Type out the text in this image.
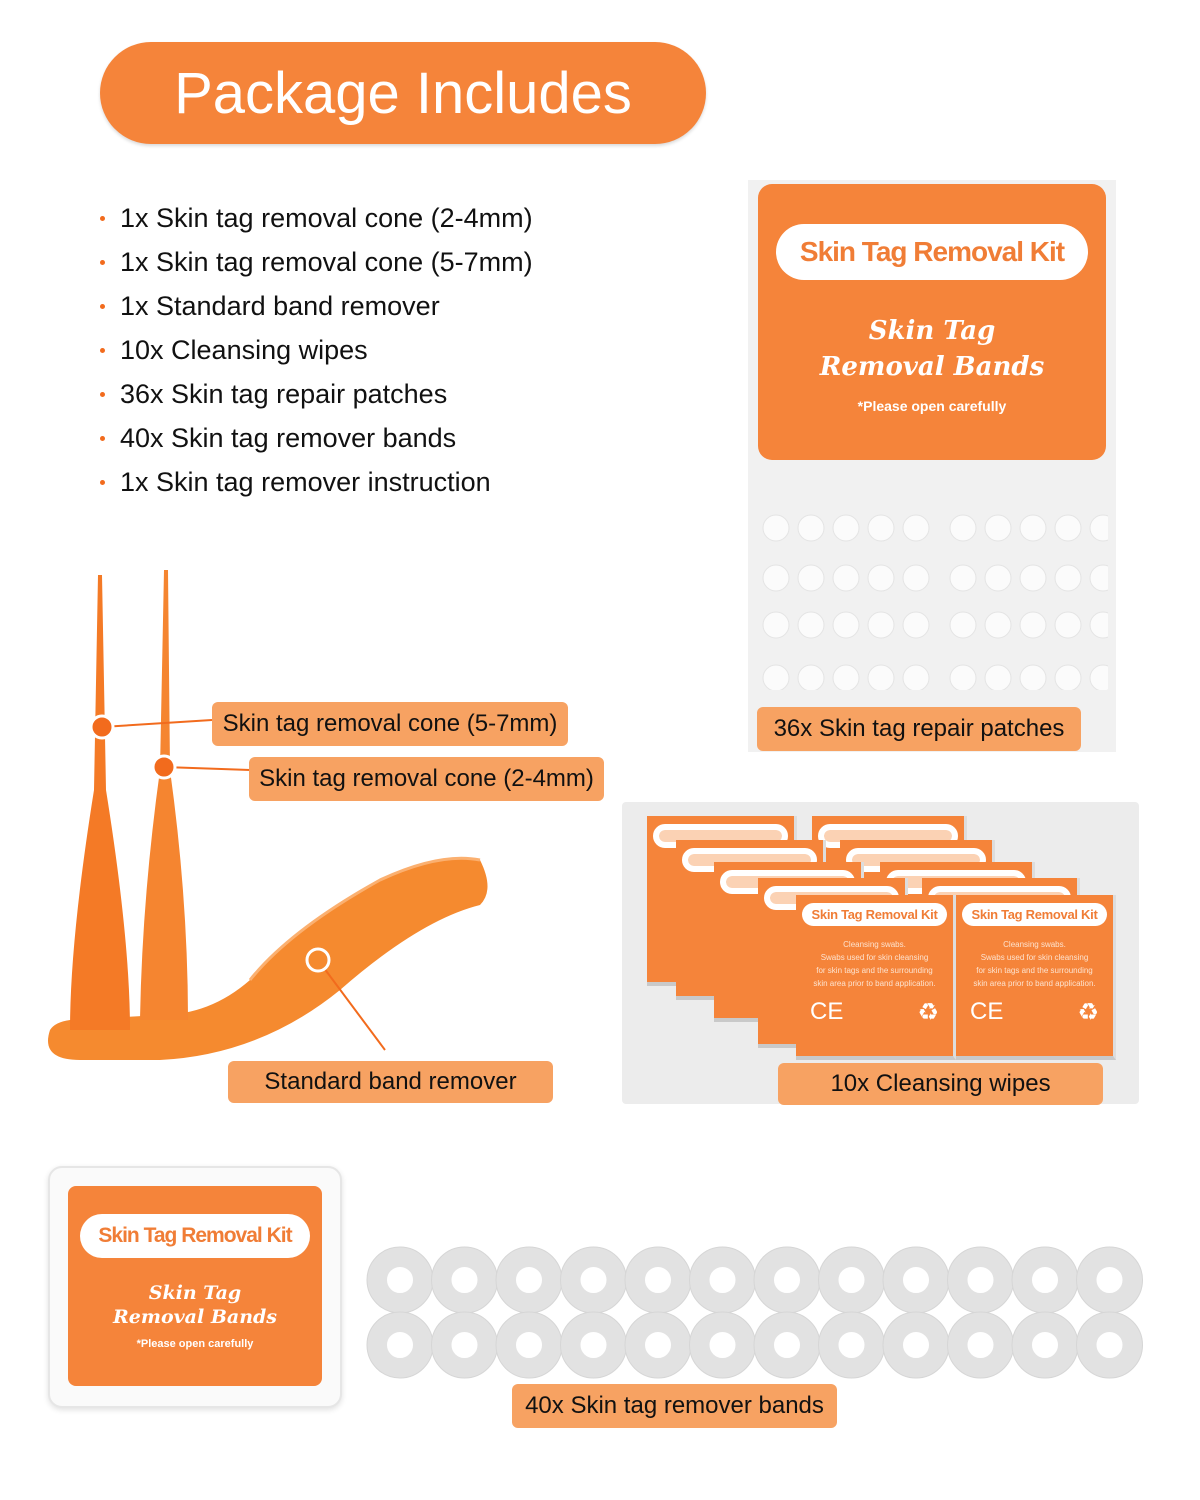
Package Includes
1x Skin tag removal cone (2-4mm)
1x Skin tag removal cone (5-7mm)
1x Standard band remover
10x Cleansing wipes
36x Skin tag repair patches
40x Skin tag remover bands
1x Skin tag remover instruction
Skin tag removal cone (5-7mm)
Skin tag removal cone (2-4mm)
Standard band remover
Skin Tag Removal Kit
Skin Tag
Removal Bands
*Please open carefully
36x Skin tag repair patches
Skin Tag Removal Kit
Cleansing swabs.
Swabs used for skin cleansing
for skin tags and the surrounding
skin area prior to band application.
CE	♻
Skin Tag Removal Kit
Cleansing swabs.
Swabs used for skin cleansing
for skin tags and the surrounding
skin area prior to band application.
CE	♻
10x Cleansing wipes
Skin Tag Removal Kit
Skin Tag
Removal Bands
*Please open carefully
40x Skin tag remover bands
